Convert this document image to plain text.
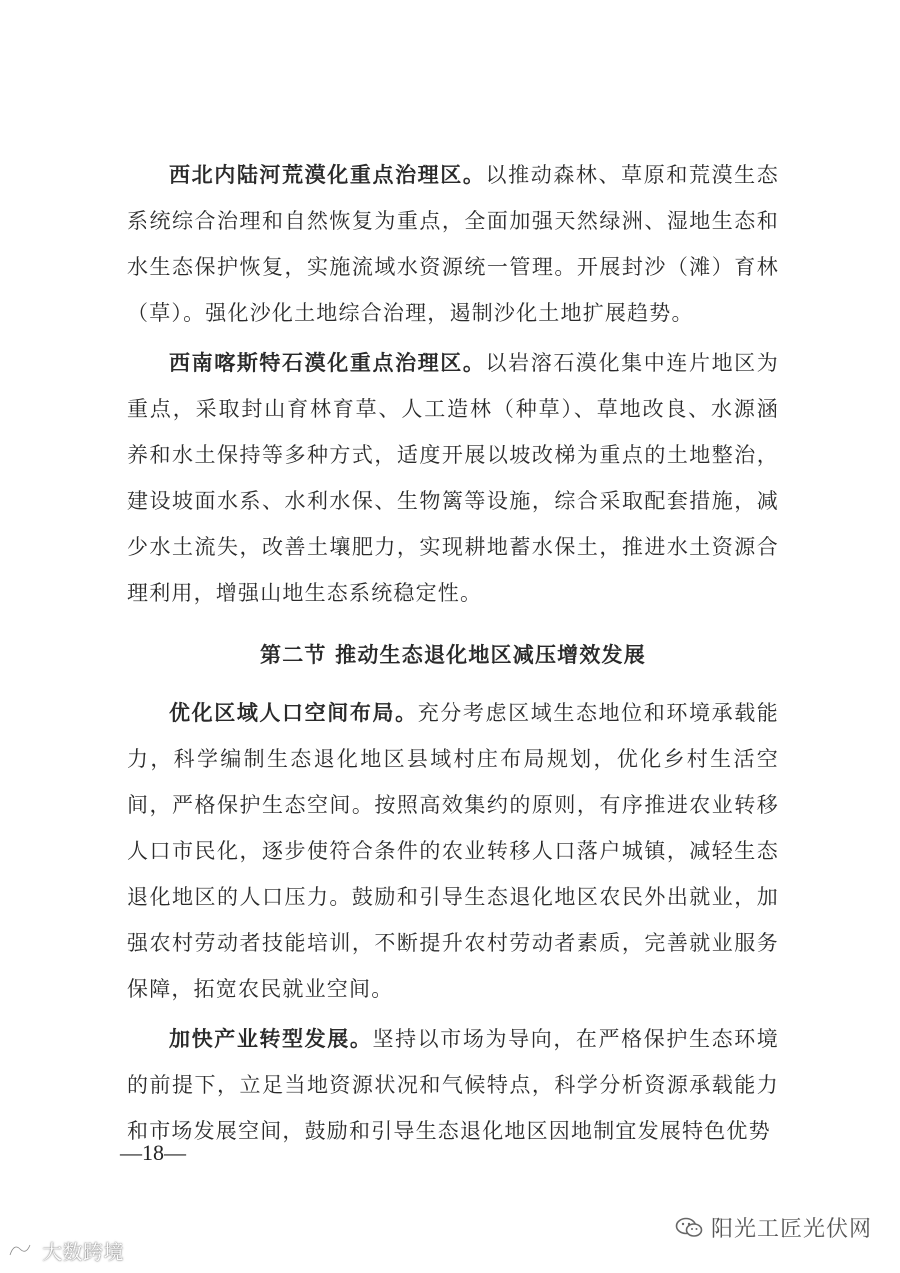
西北内陆河荒漠化重点治理区。以推动森林、草原和荒漠生态系统综合治理和自然恢复为重点，全面加强天然绿洲、湿地生态和水生态保护恢复，实施流域水资源统一管理。开展封沙（滩）育林（草）。强化沙化土地综合治理，遏制沙化土地扩展趋势。

西南喀斯特石漠化重点治理区。以岩溶石漠化集中连片地区为重点，采取封山育林育草、人工造林（种草）、草地改良、水源涵养和水土保持等多种方式，适度开展以坡改梯为重点的土地整治，建设坡面水系、水利水保、生物篱等设施，综合采取配套措施，减少水土流失，改善土壤肥力，实现耕地蓄水保土，推进水土资源合理利用，增强山地生态系统稳定性。

第二节 推动生态退化地区减压增效发展

优化区域人口空间布局。充分考虑区域生态地位和环境承载能力，科学编制生态退化地区县域村庄布局规划，优化乡村生活空间，严格保护生态空间。按照高效集约的原则，有序推进农业转移人口市民化，逐步使符合条件的农业转移人口落户城镇，减轻生态退化地区的人口压力。鼓励和引导生态退化地区农民外出就业，加强农村劳动者技能培训，不断提升农村劳动者素质，完善就业服务保障，拓宽农民就业空间。

加快产业转型发展。坚持以市场为导向，在严格保护生态环境的前提下，立足当地资源状况和气候特点，科学分析资源承载能力和市场发展空间，鼓励和引导生态退化地区因地制宜发展特色优势

—18—
大数跨境
阳光工匠光伏网
